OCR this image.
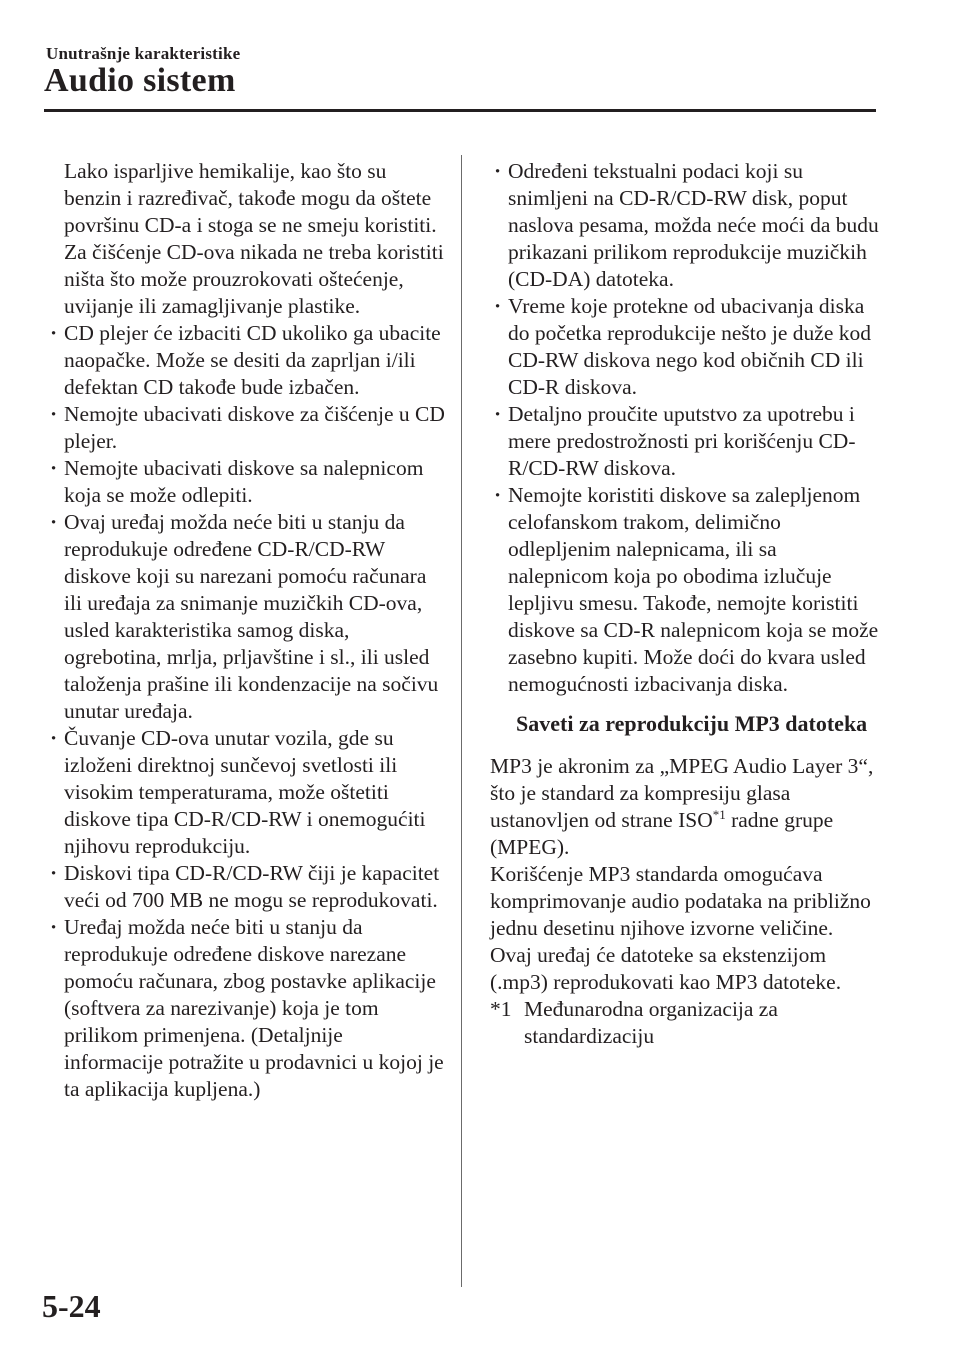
Unutrašnje karakteristike

Audio sistem

Lako isparljive hemikalije, kao što su benzin i razređivač, takođe mogu da oštete površinu CD-a i stoga se ne smeju koristiti. Za čišćenje CD-ova nikada ne treba koristiti ništa što može prouzrokovati oštećenje, uvijanje ili zamagljivanje plastike.

· CD plejer će izbaciti CD ukoliko ga ubacite naopačke. Može se desiti da zaprljan i/ili defektan CD takođe bude izbačen.
· Nemojte ubacivati diskove za čišćenje u CD plejer.
· Nemojte ubacivati diskove sa nalepnicom koja se može odlepiti.
· Ovaj uređaj možda neće biti u stanju da reprodukuje određene CD-R/CD-RW diskove koji su narezani pomoću računara ili uređaja za snimanje muzičkih CD-ova, usled karakteristika samog diska, ogrebotina, mrlja, prljavštine i sl., ili usled taloženja prašine ili kondenzacije na sočivu unutar uređaja.
· Čuvanje CD-ova unutar vozila, gde su izloženi direktnoj sunčevoj svetlosti ili visokim temperaturama, može oštetiti diskove tipa CD-R/CD-RW i onemogućiti njihovu reprodukciju.
· Diskovi tipa CD-R/CD-RW čiji je kapacitet veći od 700 MB ne mogu se reprodukovati.
· Uređaj možda neće biti u stanju da reprodukuje određene diskove narezane pomoću računara, zbog postavke aplikacije (softvera za narezivanje) koja je tom prilikom primenjena. (Detaljnije informacije potražite u prodavnici u kojoj je ta aplikacija kupljena.)
· Određeni tekstualni podaci koji su snimljeni na CD-R/CD-RW disk, poput naslova pesama, možda neće moći da budu prikazani prilikom reprodukcije muzičkih (CD-DA) datoteka.
· Vreme koje protekne od ubacivanja diska do početka reprodukcije nešto je duže kod CD-RW diskova nego kod običnih CD ili CD-R diskova.
· Detaljno proučite uputstvo za upotrebu i mere predostrožnosti pri korišćenju CD-R/CD-RW diskova.
· Nemojte koristiti diskove sa zalepljenom celofanskom trakom, delimično odlepljenim nalepnicama, ili sa nalepnicom koja po obodima izlučuje lepljivu smesu. Takođe, nemojte koristiti diskove sa CD-R nalepnicom koja se može zasebno kupiti. Može doći do kvara usled nemogućnosti izbacivanja diska.
Saveti za reprodukciju MP3 datoteka

MP3 je akronim za „MPEG Audio Layer 3“, što je standard za kompresiju glasa ustanovljen od strane ISO$^{*1}$ radne grupe (MPEG).

Korišćenje MP3 standarda omogućava komprimovanje audio podataka na približno jednu desetinu njihove izvorne veličine.

Ovaj uređaj će datoteke sa ekstenzijom (.mp3) reprodukovati kao MP3 datoteke.

*1 Međunarodna organizacija za standardizaciju

5-24
